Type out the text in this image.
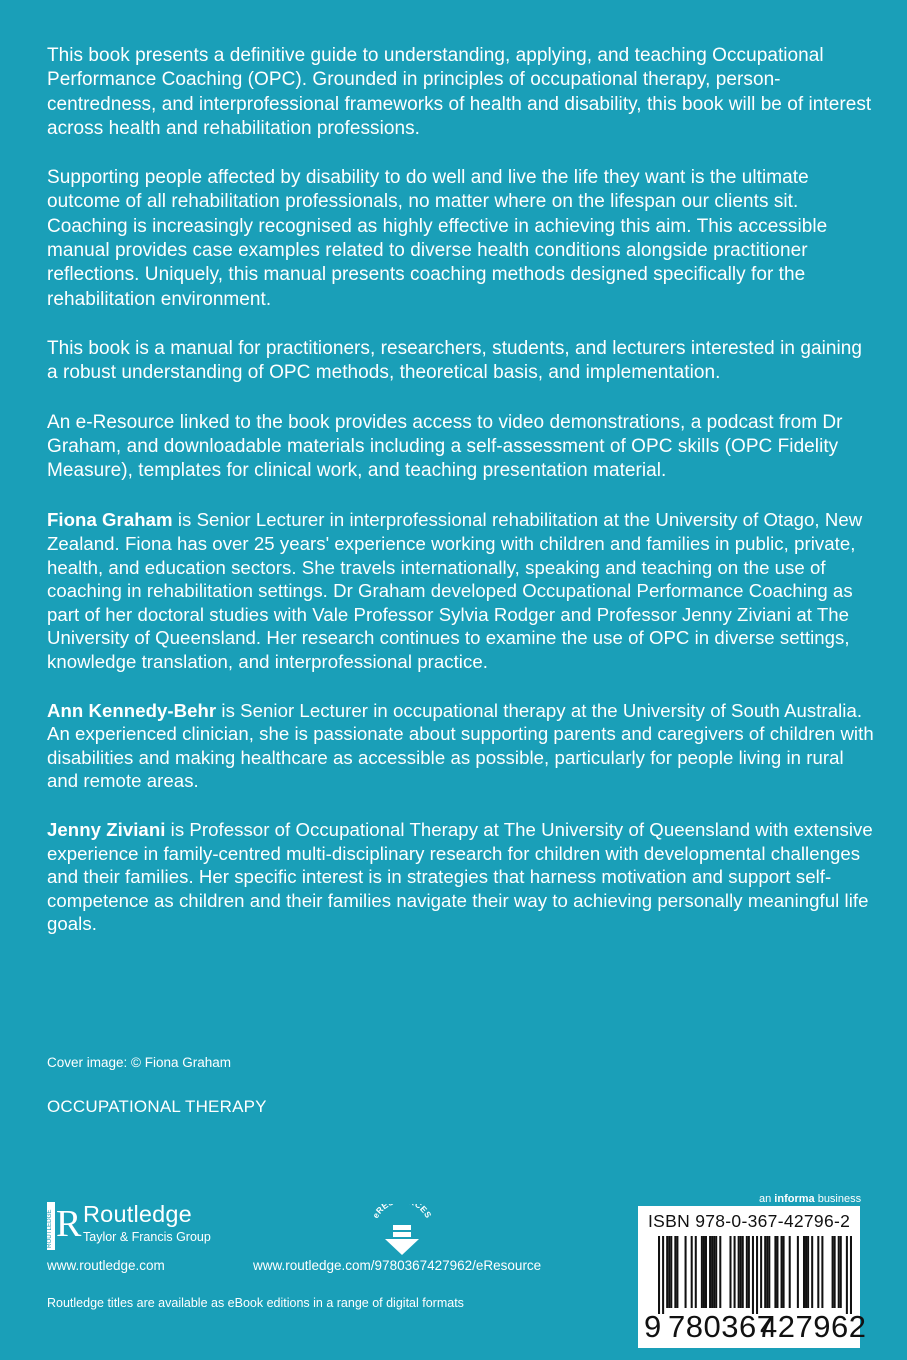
This book presents a definitive guide to understanding, applying, and teaching Occupational Performance Coaching (OPC). Grounded in principles of occupational therapy, person-centredness, and interprofessional frameworks of health and disability, this book will be of interest across health and rehabilitation professions.

Supporting people affected by disability to do well and live the life they want is the ultimate outcome of all rehabilitation professionals, no matter where on the lifespan our clients sit. Coaching is increasingly recognised as highly effective in achieving this aim. This accessible manual provides case examples related to diverse health conditions alongside practitioner reflections. Uniquely, this manual presents coaching methods designed specifically for the rehabilitation environment.

This book is a manual for practitioners, researchers, students, and lecturers interested in gaining a robust understanding of OPC methods, theoretical basis, and implementation.

An e-Resource linked to the book provides access to video demonstrations, a podcast from Dr Graham, and downloadable materials including a self-assessment of OPC skills (OPC Fidelity Measure), templates for clinical work, and teaching presentation material.

Fiona Graham is Senior Lecturer in interprofessional rehabilitation at the University of Otago, New Zealand. Fiona has over 25 years' experience working with children and families in public, private, health, and education sectors. She travels internationally, speaking and teaching on the use of coaching in rehabilitation settings. Dr Graham developed Occupational Performance Coaching as part of her doctoral studies with Vale Professor Sylvia Rodger and Professor Jenny Ziviani at The University of Queensland. Her research continues to examine the use of OPC in diverse settings, knowledge translation, and interprofessional practice.

Ann Kennedy-Behr is Senior Lecturer in occupational therapy at the University of South Australia. An experienced clinician, she is passionate about supporting parents and caregivers of children with disabilities and making healthcare as accessible as possible, particularly for people living in rural and remote areas.

Jenny Ziviani is Professor of Occupational Therapy at The University of Queensland with extensive experience in family-centred multi-disciplinary research for children with developmental challenges and their families. Her specific interest is in strategies that harness motivation and support self-competence as children and their families navigate their way to achieving personally meaningful life goals.

Cover image: © Fiona Graham
OCCUPATIONAL THERAPY
ROUTLEDGE R Routledge
Taylor & Francis Group
www.routledge.com
eRE CES
www.routledge.com/9780367427962/eResource
Routledge titles are available as eBook editions in a range of digital formats
an informa business
ISBN 978-0-367-42796-2
9 780367
427962
